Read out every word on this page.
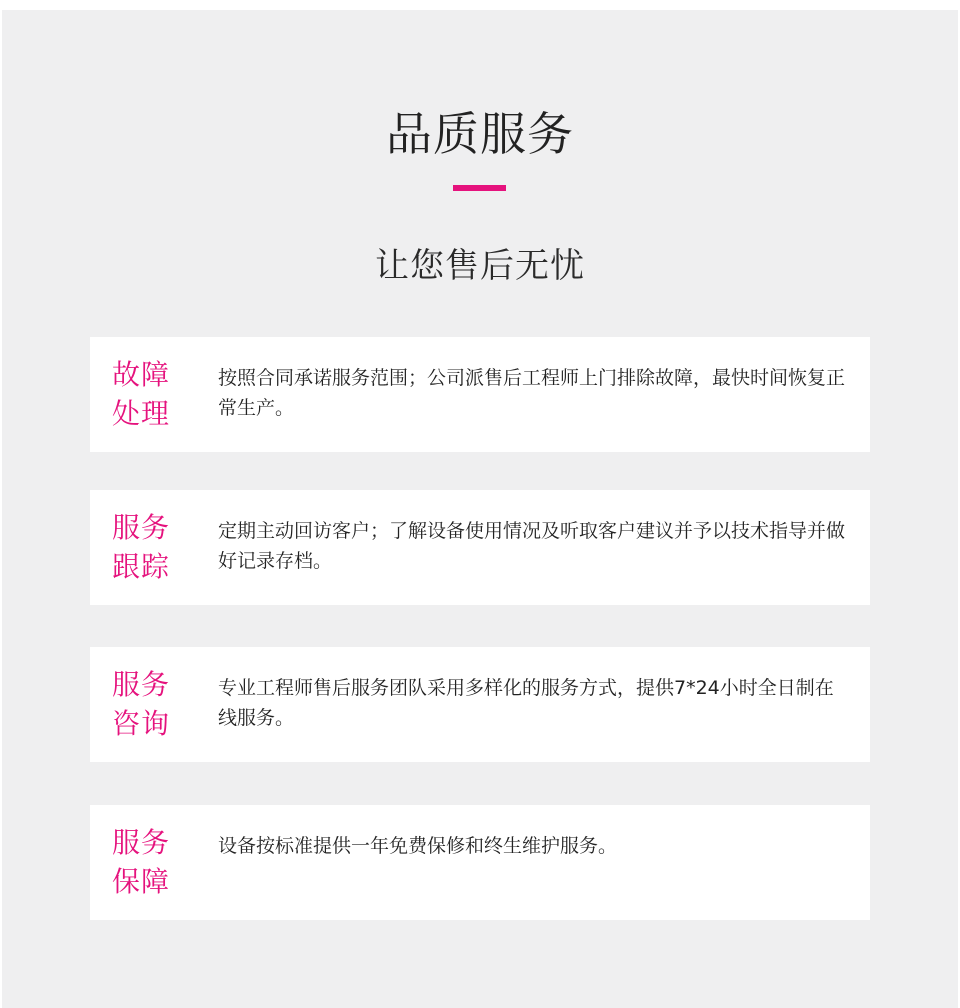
品质服务
让您售后无忧
故障处理
按照合同承诺服务范围；公司派售后工程师上门排除故障，最快时间恢复正常生产。
服务跟踪
定期主动回访客户；了解设备使用情况及听取客户建议并予以技术指导并做好记录存档。
服务咨询
专业工程师售后服务团队采用多样化的服务方式，提供7*24小时全日制在线服务。
服务保障
设备按标准提供一年免费保修和终生维护服务。
